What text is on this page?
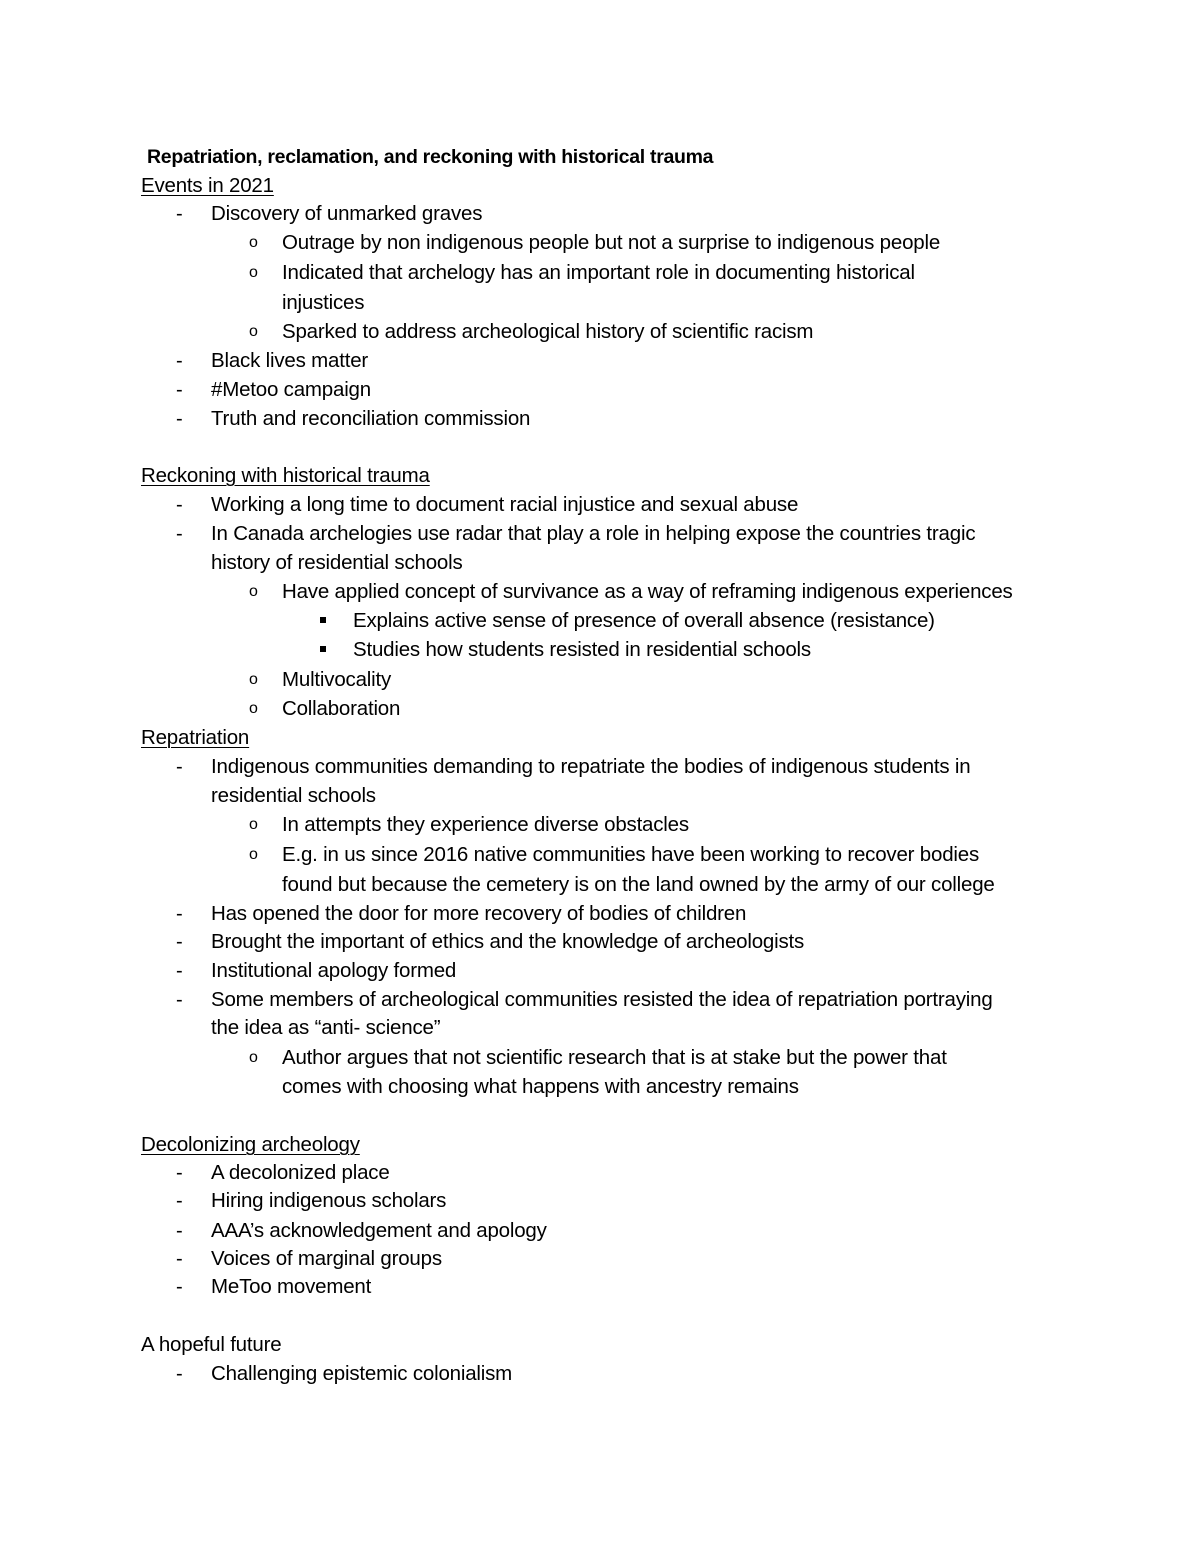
Repatriation, reclamation, and reckoning with historical trauma
Events in 2021
- Discovery of unmarked graves
o Outrage by non indigenous people but not a surprise to indigenous people
o Indicated that archelogy has an important role in documenting historical
injustices
o Sparked to address archeological history of scientific racism
- Black lives matter
- #Metoo campaign
- Truth and reconciliation commission
Reckoning with historical trauma
- Working a long time to document racial injustice and sexual abuse
- In Canada archelogies use radar that play a role in helping expose the countries tragic
history of residential schools
o Have applied concept of survivance as a way of reframing indigenous experiences
Explains active sense of presence of overall absence (resistance)
Studies how students resisted in residential schools
o Multivocality
o Collaboration
Repatriation
- Indigenous communities demanding to repatriate the bodies of indigenous students in
residential schools
o In attempts they experience diverse obstacles
o E.g. in us since 2016 native communities have been working to recover bodies
found but because the cemetery is on the land owned by the army of our college
- Has opened the door for more recovery of bodies of children
- Brought the important of ethics and the knowledge of archeologists
- Institutional apology formed
- Some members of archeological communities resisted the idea of repatriation portraying
the idea as “anti- science”
o Author argues that not scientific research that is at stake but the power that
comes with choosing what happens with ancestry remains
Decolonizing archeology
- A decolonized place
- Hiring indigenous scholars
- AAA’s acknowledgement and apology
- Voices of marginal groups
- MeToo movement
A hopeful future
- Challenging epistemic colonialism
